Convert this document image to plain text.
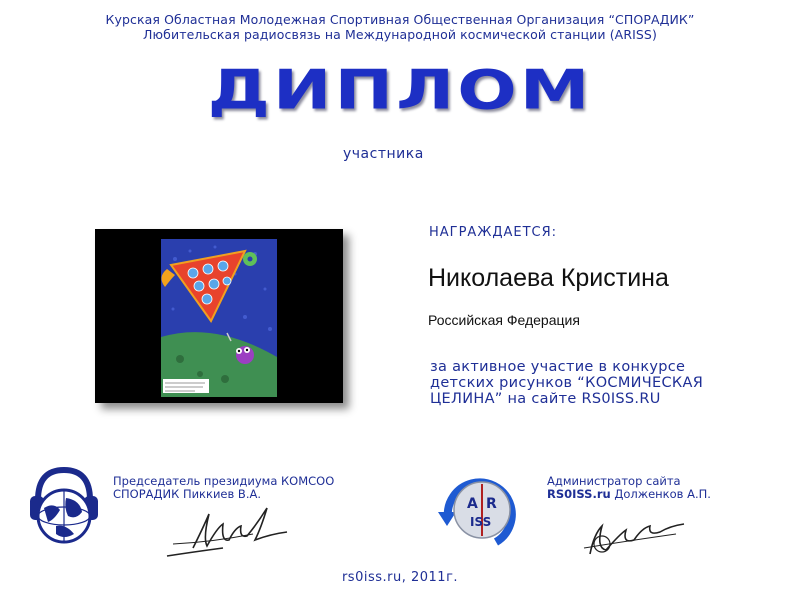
Курская Областная Молодежная Спортивная Общественная Организация “СПОРАДИК”
Любительская радиосвязь на Международной космической станции (ARISS)
ДИПЛОМ
участника
НАГРАЖДАЕТСЯ:
Николаева Кристина
Российская Федерация
за активное участие в конкурсе
детских рисунков “КОСМИЧЕСКАЯ
ЦЕЛИНА” на сайте RS0ISS.RU
Председатель президиума КОМСОО
СПОРАДИК Пиккиев В.А.
A R
ISS
Администратор сайта
RS0ISS.ru Долженков А.П.
rs0iss.ru, 2011г.
